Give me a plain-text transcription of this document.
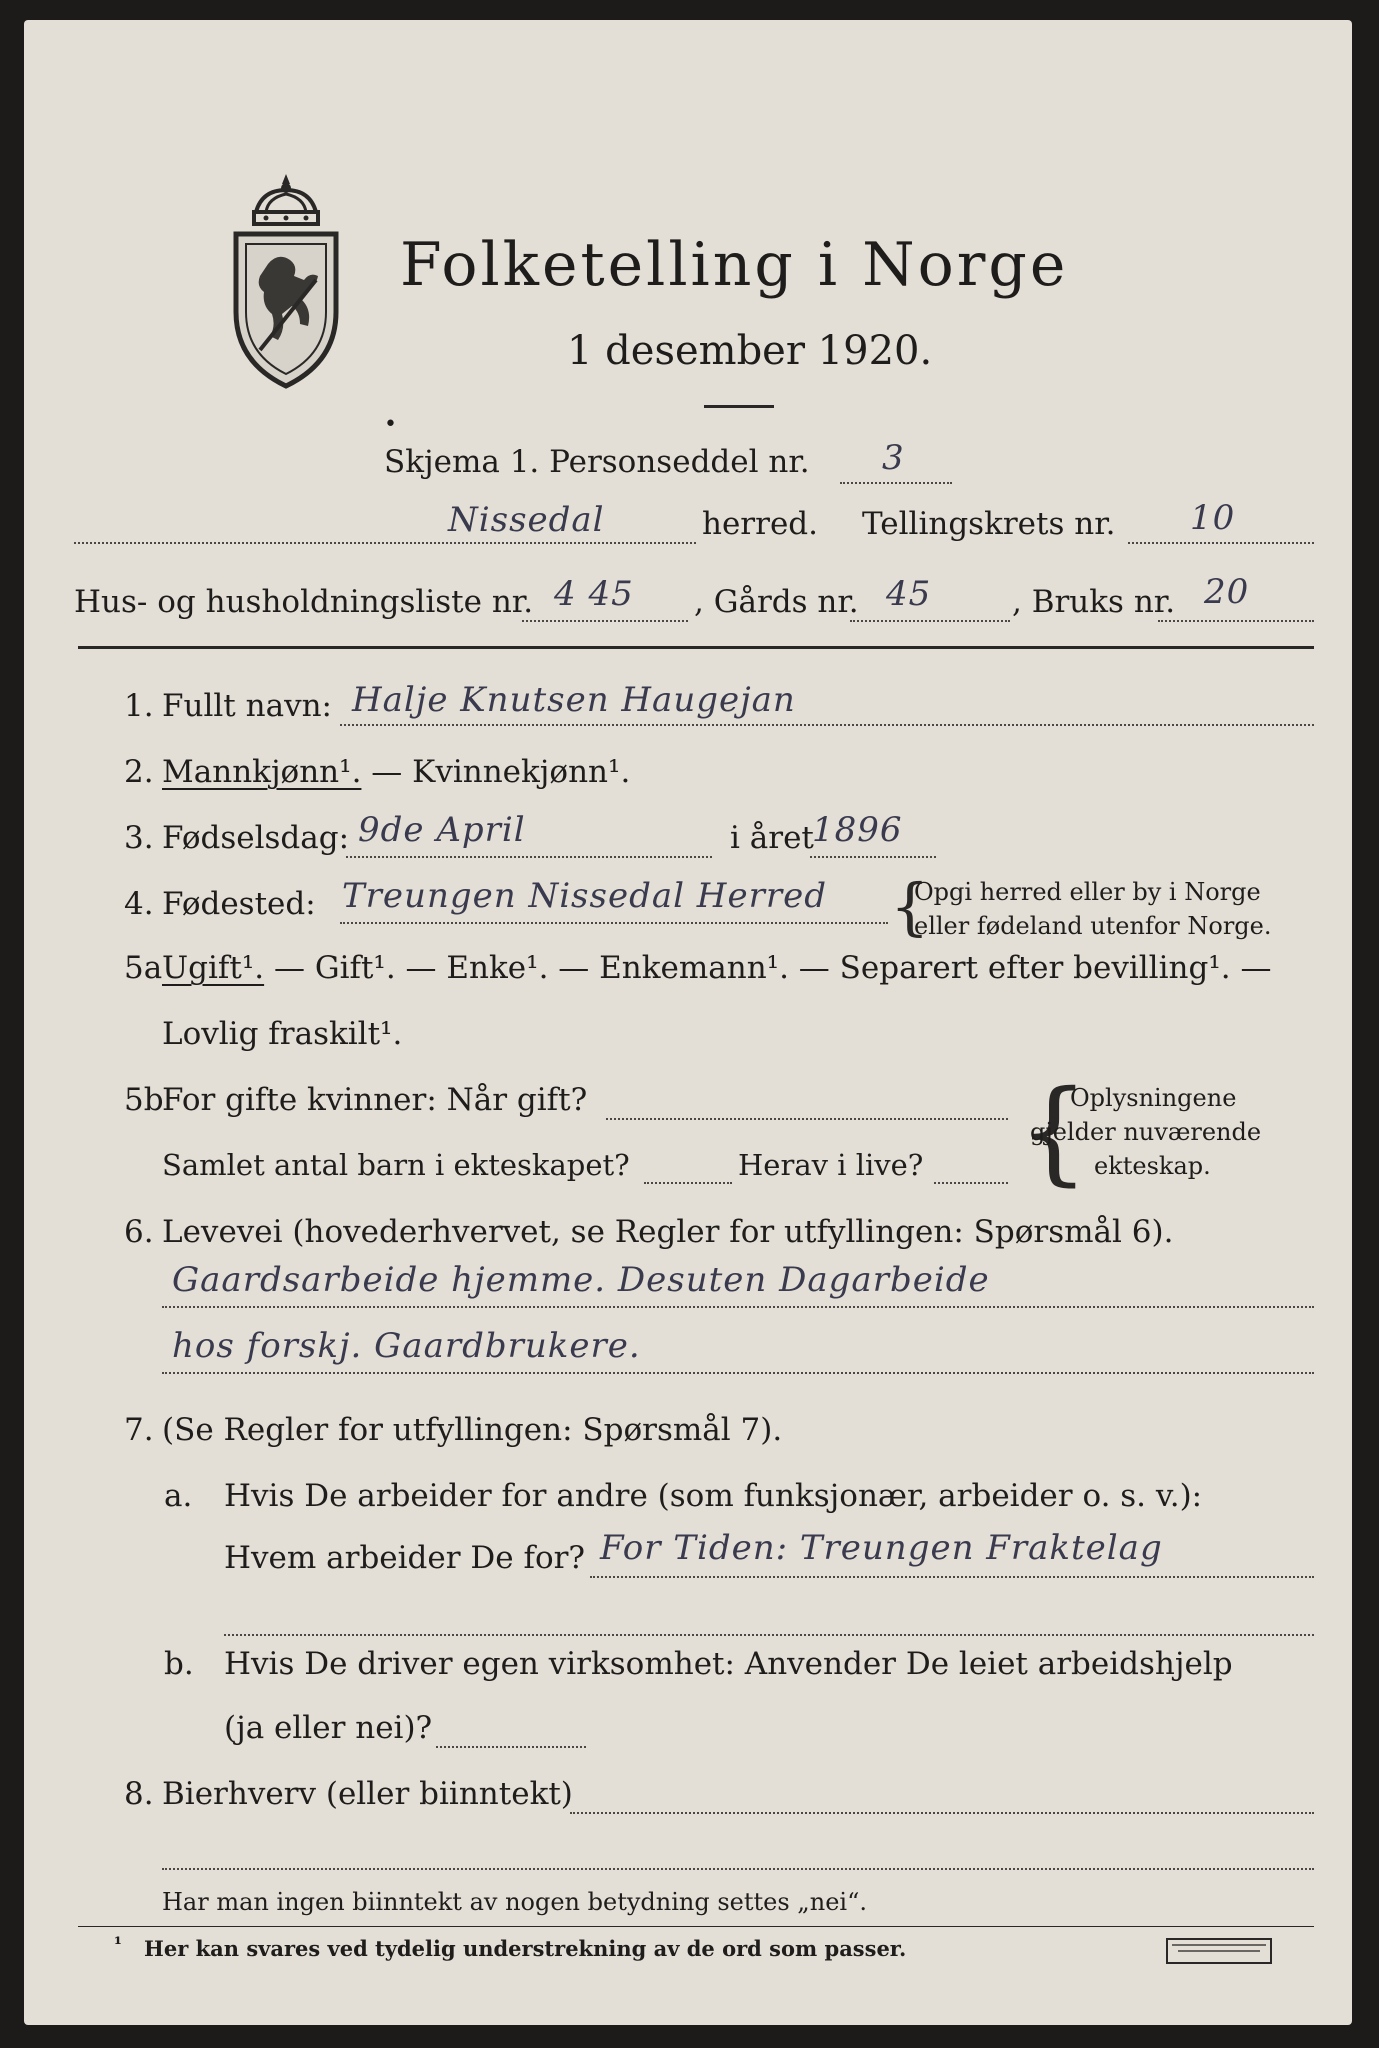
Folketelling i Norge
1 desember 1920.
•
Skjema 1. Personseddel nr. 3
Nissedal	herred. Tellingskrets nr. 10
Hus- og husholdningsliste nr. 4 45 , Gårds nr. 45	, Bruks nr. 20
1. Fullt navn: Halje Knutsen Haugejan
2. Mannkjønn¹. — Kvinnekjønn¹.
3. Fødselsdag: 9de April	i året
1896
4. Fødested: Treungen Nissedal Herred {
Opgi herred eller by i Norge
eller fødeland utenfor Norge.
5a Ugift¹. — Gift¹. — Enke¹. — Enkemann¹. — Separert efter bevilling¹. —
Lovlig fraskilt¹.
5b
For gifte kvinner: Når gift?
Samlet antal barn i ekteskapet?	Herav i live? {
Oplysningene
gjelder nuværende
ekteskap.
6. Levevei (hovederhvervet, se Regler for utfyllingen: Spørsmål 6).
Gaardsarbeide hjemme. Desuten Dagarbeide
hos forskj. Gaardbrukere.
7. (Se Regler for utfyllingen: Spørsmål 7).
a. Hvis De arbeider for andre (som funksjonær, arbeider o. s. v.):
Hvem arbeider De for? For Tiden: Treungen Fraktelag
b. Hvis De driver egen virksomhet: Anvender De leiet arbeidshjelp
(ja eller nei)?
8. Bierhverv (eller biinntekt)
Har man ingen biinntekt av nogen betydning settes „nei“.
¹ Her kan svares ved tydelig understrekning av de ord som passer.
